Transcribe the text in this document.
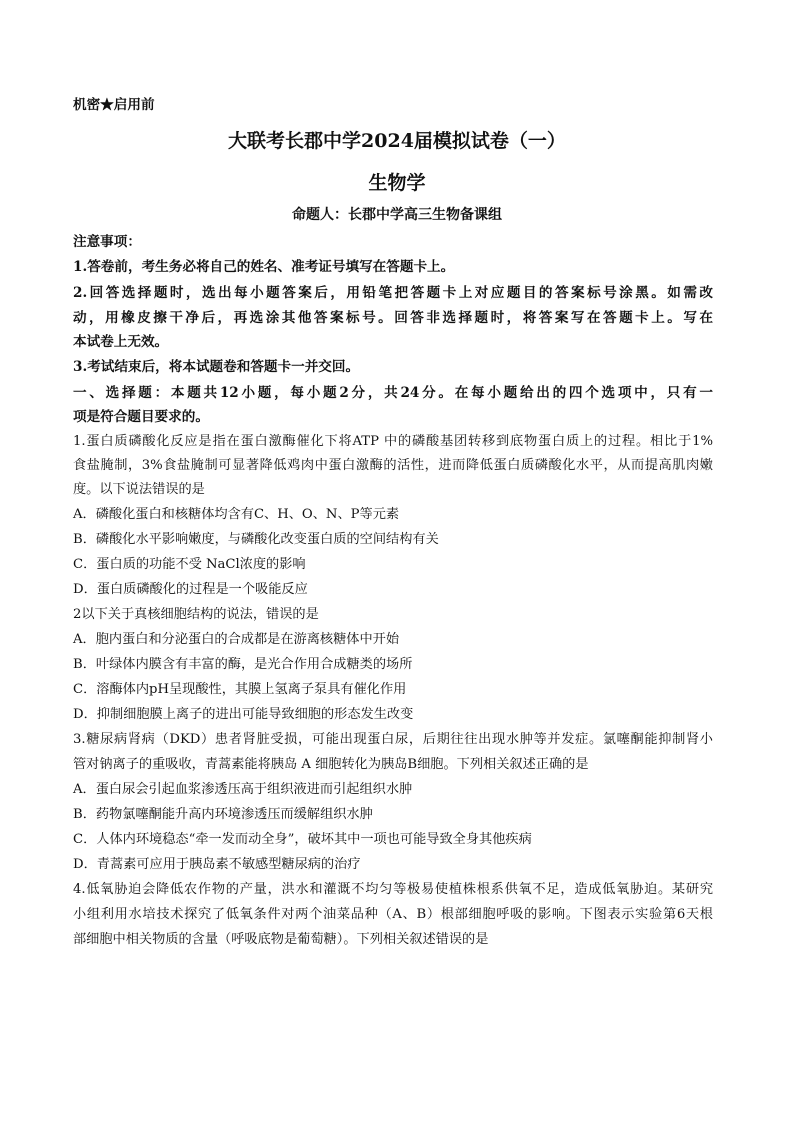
机密★启用前
大联考长郡中学2024届模拟试卷（一）
生物学
命题人：长郡中学高三生物备课组
注意事项：
1.答卷前，考生务必将自己的姓名、准考证号填写在答题卡上。
2.回答选择题时，选出每小题答案后，用铅笔把答题卡上对应题目的答案标号涂黑。如需改
动，用橡皮擦干净后，再选涂其他答案标号。回答非选择题时，将答案写在答题卡上。写在
本试卷上无效。
3.考试结束后，将本试题卷和答题卡一并交回。
一、选择题：本题共12小题，每小题2分，共24分。在每小题给出的四个选项中，只有一
项是符合题目要求的。
1.蛋白质磷酸化反应是指在蛋白激酶催化下将ATP 中的磷酸基团转移到底物蛋白质上的过程。相比于1%
食盐腌制，3%食盐腌制可显著降低鸡肉中蛋白激酶的活性，进而降低蛋白质磷酸化水平，从而提高肌肉嫩
度。以下说法错误的是
A．磷酸化蛋白和核糖体均含有C、H、O、N、P等元素
B．磷酸化水平影响嫩度，与磷酸化改变蛋白质的空间结构有关
C．蛋白质的功能不受 NaCl浓度的影响
D．蛋白质磷酸化的过程是一个吸能反应
2以下关于真核细胞结构的说法，错误的是
A．胞内蛋白和分泌蛋白的合成都是在游离核糖体中开始
B．叶绿体内膜含有丰富的酶，是光合作用合成糖类的场所
C．溶酶体内pH呈现酸性，其膜上氢离子泵具有催化作用
D．抑制细胞膜上离子的进出可能导致细胞的形态发生改变
3.糖尿病肾病（DKD）患者肾脏受损，可能出现蛋白尿，后期往往出现水肿等并发症。氯噻酮能抑制肾小
管对钠离子的重吸收，青蒿素能将胰岛 A 细胞转化为胰岛B细胞。下列相关叙述正确的是
A．蛋白尿会引起血浆渗透压高于组织液进而引起组织水肿
B．药物氯噻酮能升高内环境渗透压而缓解组织水肿
C．人体内环境稳态“牵一发而动全身”，破坏其中一项也可能导致全身其他疾病
D．青蒿素可应用于胰岛素不敏感型糖尿病的治疗
4.低氧胁迫会降低农作物的产量，洪水和灌溉不均匀等极易使植株根系供氧不足，造成低氧胁迫。某研究
小组利用水培技术探究了低氧条件对两个油菜品种（A、B）根部细胞呼吸的影响。下图表示实验第6天根
部细胞中相关物质的含量（呼吸底物是葡萄糖）。下列相关叙述错误的是
